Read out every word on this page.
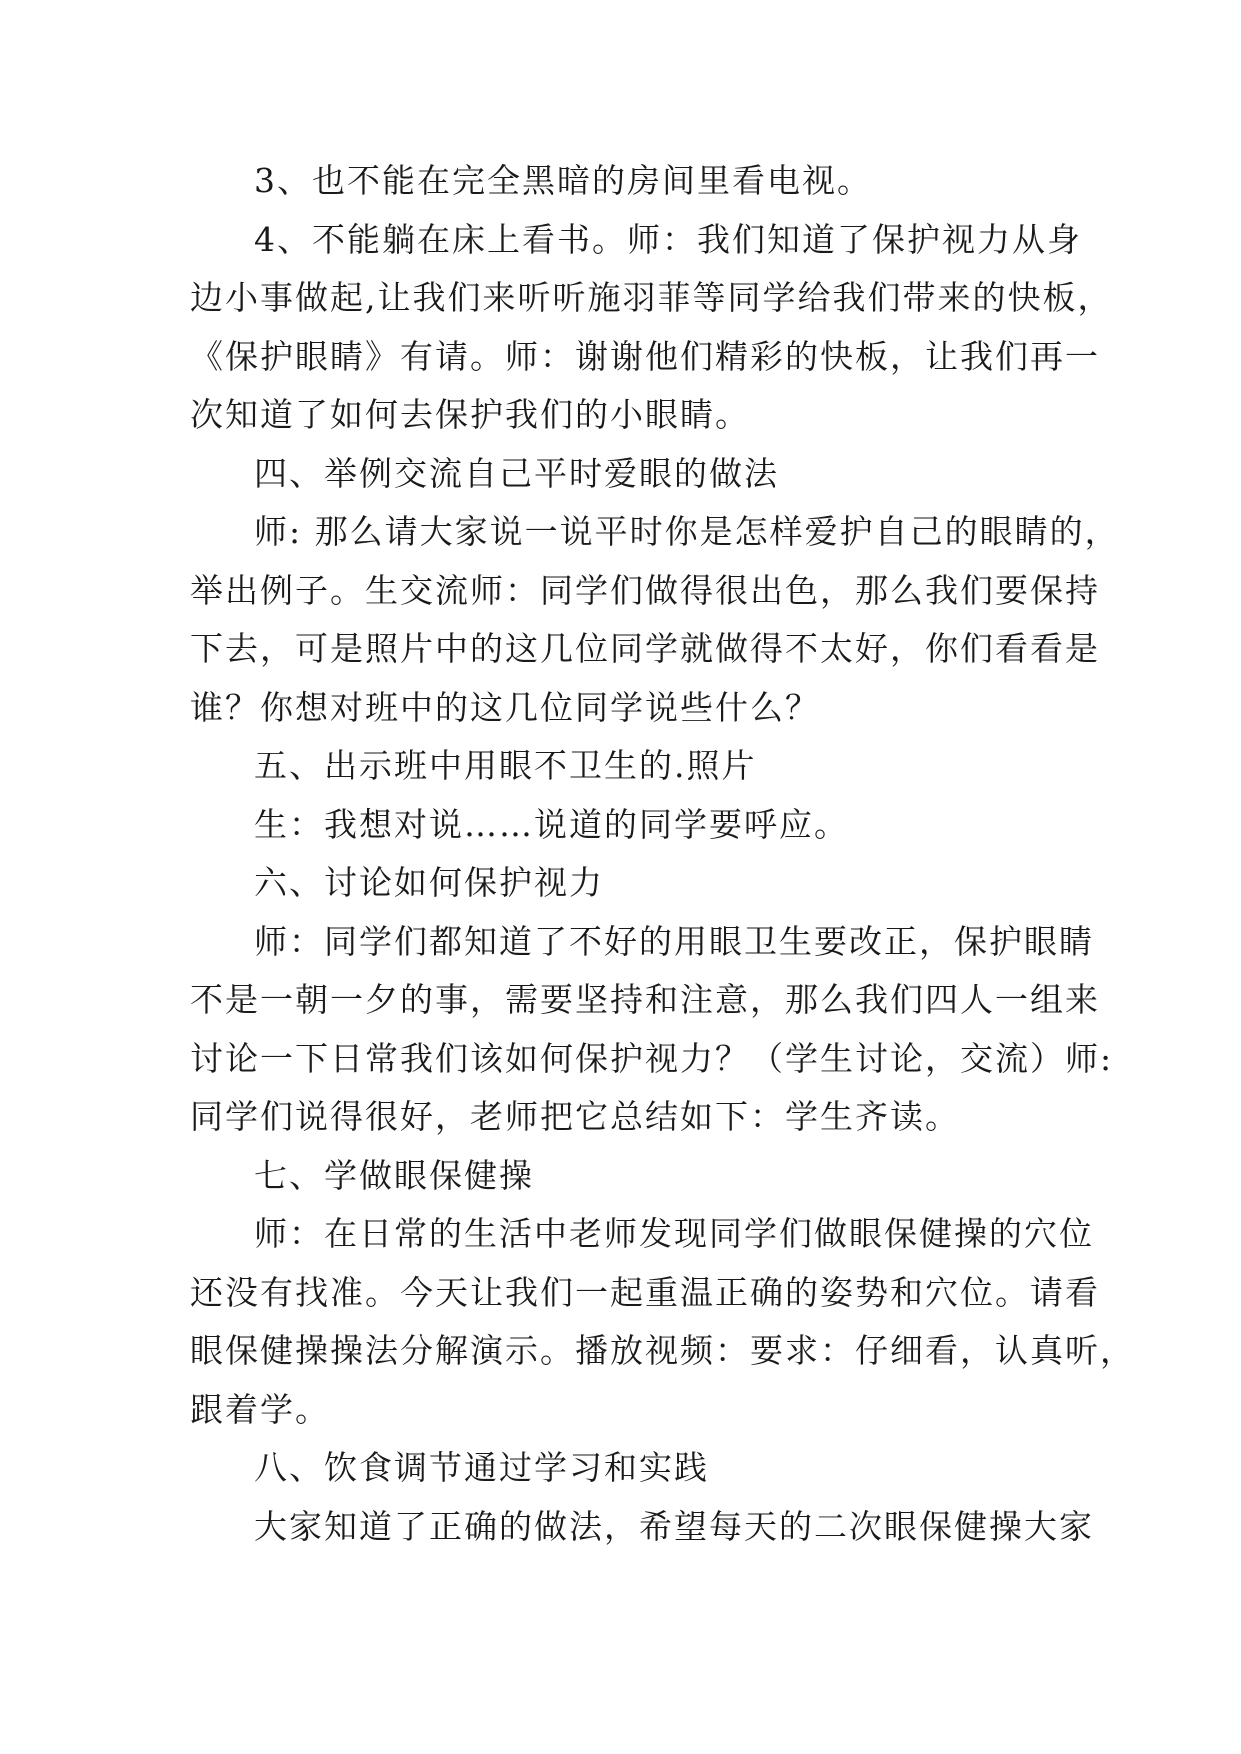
3、也不能在完全黑暗的房间里看电视。
4、不能躺在床上看书。师：我们知道了保护视力从身
边小事做起,让我们来听听施羽菲等同学给我们带来的快板，
《保护眼睛》有请。师：谢谢他们精彩的快板，让我们再一
次知道了如何去保护我们的小眼睛。
四、举例交流自己平时爱眼的做法
师: 那么请大家说一说平时你是怎样爱护自己的眼睛的，
举出例子。生交流师：同学们做得很出色，那么我们要保持
下去，可是照片中的这几位同学就做得不太好，你们看看是
谁？你想对班中的这几位同学说些什么？
五、出示班中用眼不卫生的.照片
生：我想对说……说道的同学要呼应。
六、讨论如何保护视力
师：同学们都知道了不好的用眼卫生要改正，保护眼睛
不是一朝一夕的事，需要坚持和注意，那么我们四人一组来
讨论一下日常我们该如何保护视力？（学生讨论，交流）师:
同学们说得很好，老师把它总结如下：学生齐读。
七、学做眼保健操
师：在日常的生活中老师发现同学们做眼保健操的穴位
还没有找准。今天让我们一起重温正确的姿势和穴位。请看
眼保健操操法分解演示。播放视频：要求：仔细看，认真听，
跟着学。
八、饮食调节通过学习和实践
大家知道了正确的做法，希望每天的二次眼保健操大家
